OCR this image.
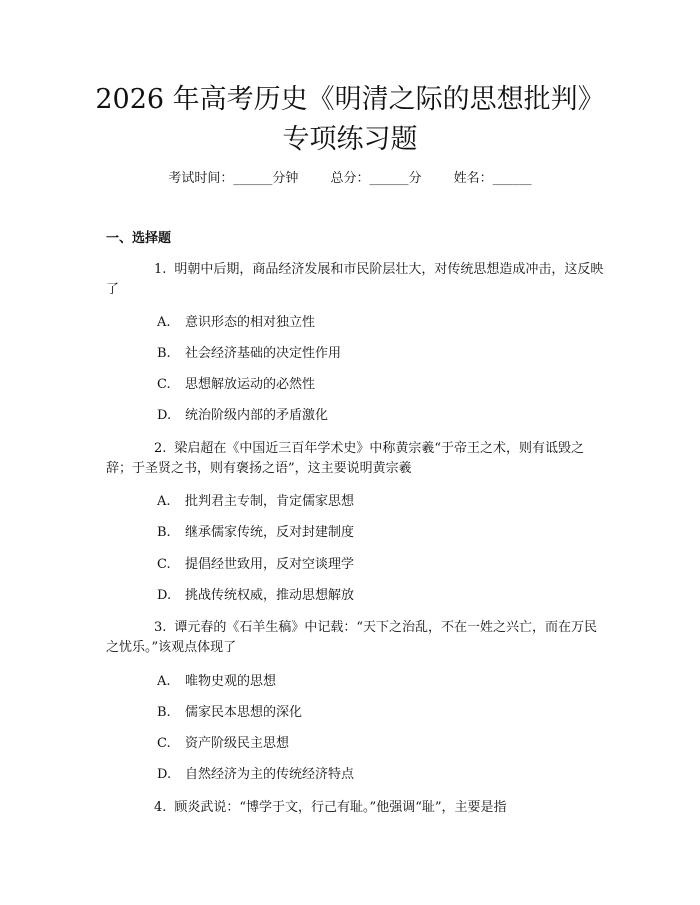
2026 年高考历史《明清之际的思想批判》专项练习题
考试时间：______分钟 总分：______分 姓名：______
一、选择题

1. 明朝中后期，商品经济发展和市民阶层壮大，对传统思想造成冲击，这反映了

A. 意识形态的相对独立性
B. 社会经济基础的决定性作用
C. 思想解放运动的必然性
D. 统治阶级内部的矛盾激化

2. 梁启超在《中国近三百年学术史》中称黄宗羲“于帝王之术，则有诋毁之辞；于圣贤之书，则有褒扬之语”，这主要说明黄宗羲

A. 批判君主专制，肯定儒家思想
B. 继承儒家传统，反对封建制度
C. 提倡经世致用，反对空谈理学
D. 挑战传统权威，推动思想解放

3. 谭元春的《石羊生稿》中记载：“天下之治乱，不在一姓之兴亡，而在万民之忧乐。”该观点体现了

A. 唯物史观的思想
B. 儒家民本思想的深化
C. 资产阶级民主思想
D. 自然经济为主的传统经济特点

4. 顾炎武说：“博学于文，行己有耻。”他强调“耻”，主要是指
